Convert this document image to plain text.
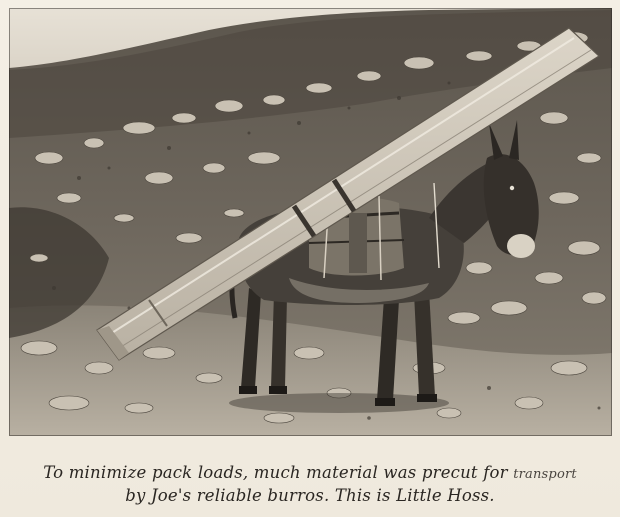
To minimize pack loads, much material was precut for transport
by Joe's reliable burros. This is Little Hoss.
